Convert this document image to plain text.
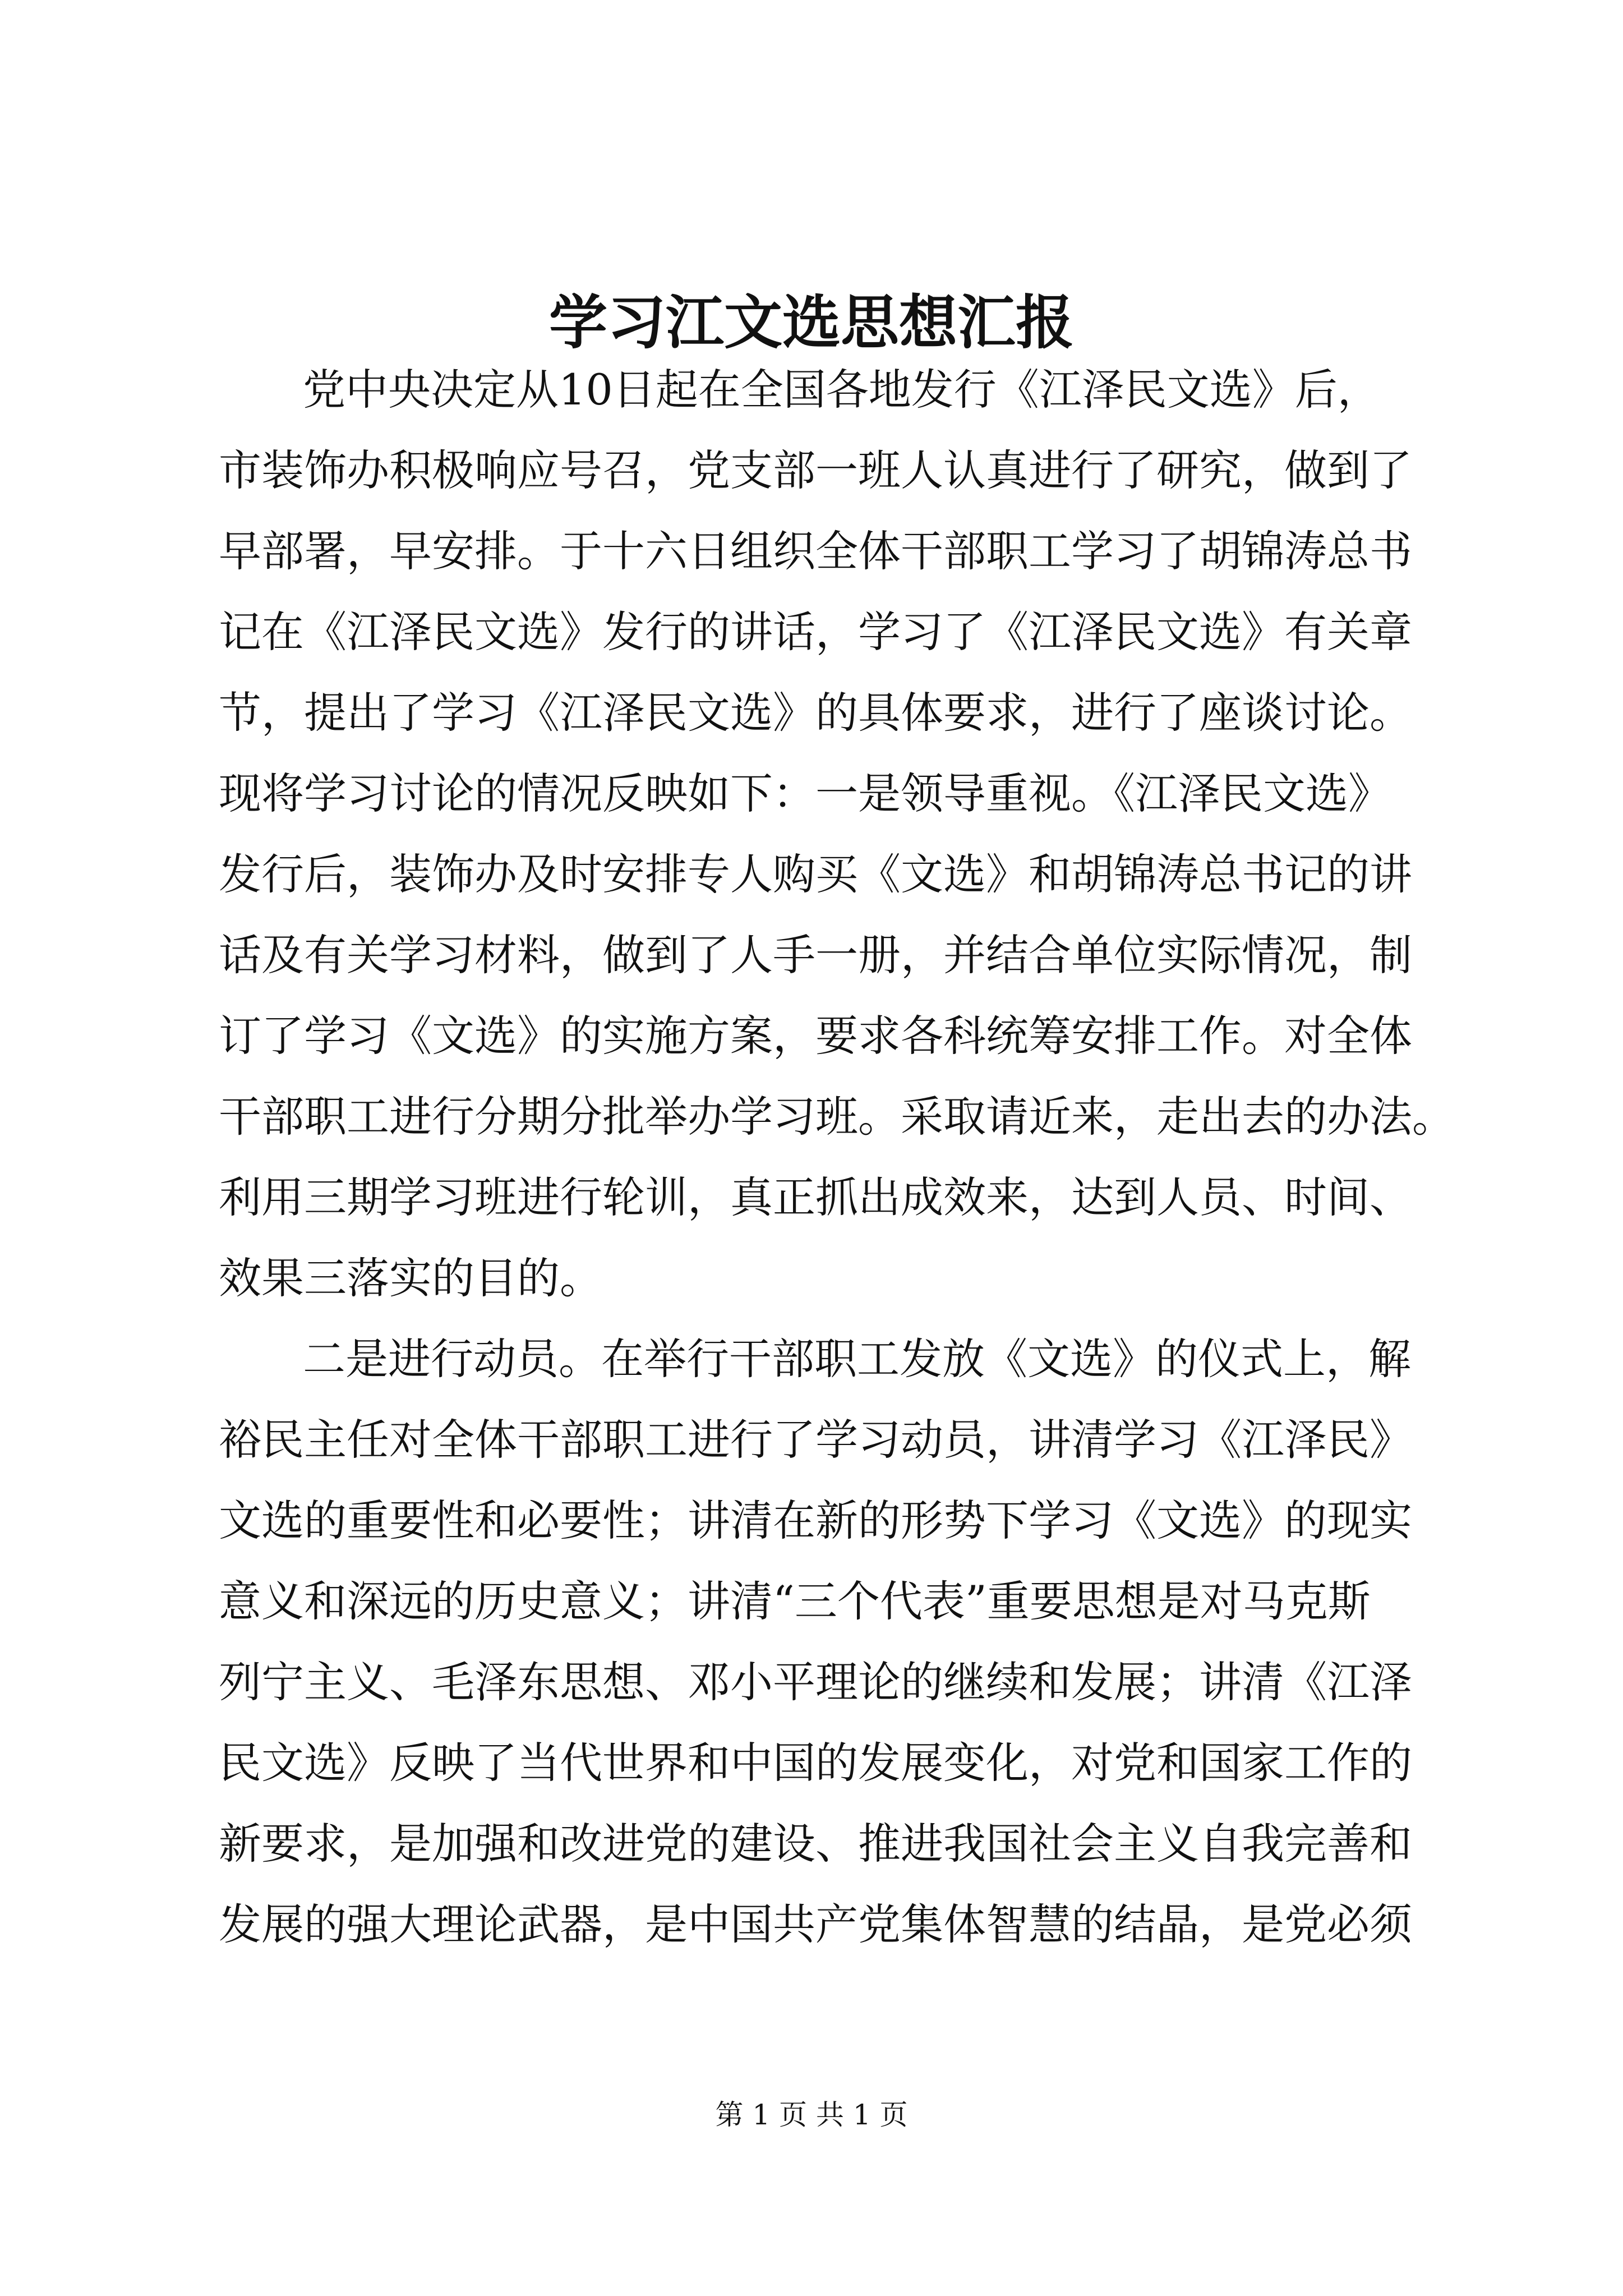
学习江文选思想汇报

党中央决定从10日起在全国各地发行《江泽民文选》后，

市装饰办积极响应号召，党支部一班人认真进行了研究，做到了

早部署，早安排。于十六日组织全体干部职工学习了胡锦涛总书

记在《江泽民文选》发行的讲话，学习了《江泽民文选》有关章

节，提出了学习《江泽民文选》的具体要求，进行了座谈讨论。

现将学习讨论的情况反映如下：一是领导重视。《江泽民文选》

发行后，装饰办及时安排专人购买《文选》和胡锦涛总书记的讲

话及有关学习材料，做到了人手一册，并结合单位实际情况，制

订了学习《文选》的实施方案，要求各科统筹安排工作。对全体

干部职工进行分期分批举办学习班。采取请近来，走出去的办法。

利用三期学习班进行轮训，真正抓出成效来，达到人员、时间、

效果三落实的目的。

二是进行动员。在举行干部职工发放《文选》的仪式上，解

裕民主任对全体干部职工进行了学习动员，讲清学习《江泽民》

文选的重要性和必要性；讲清在新的形势下学习《文选》的现实

意义和深远的历史意义；讲清“三个代表”重要思想是对马克斯

列宁主义、毛泽东思想、邓小平理论的继续和发展；讲清《江泽

民文选》反映了当代世界和中国的发展变化，对党和国家工作的

新要求，是加强和改进党的建设、推进我国社会主义自我完善和

发展的强大理论武器，是中国共产党集体智慧的结晶，是党必须

第 1 页 共 1 页
